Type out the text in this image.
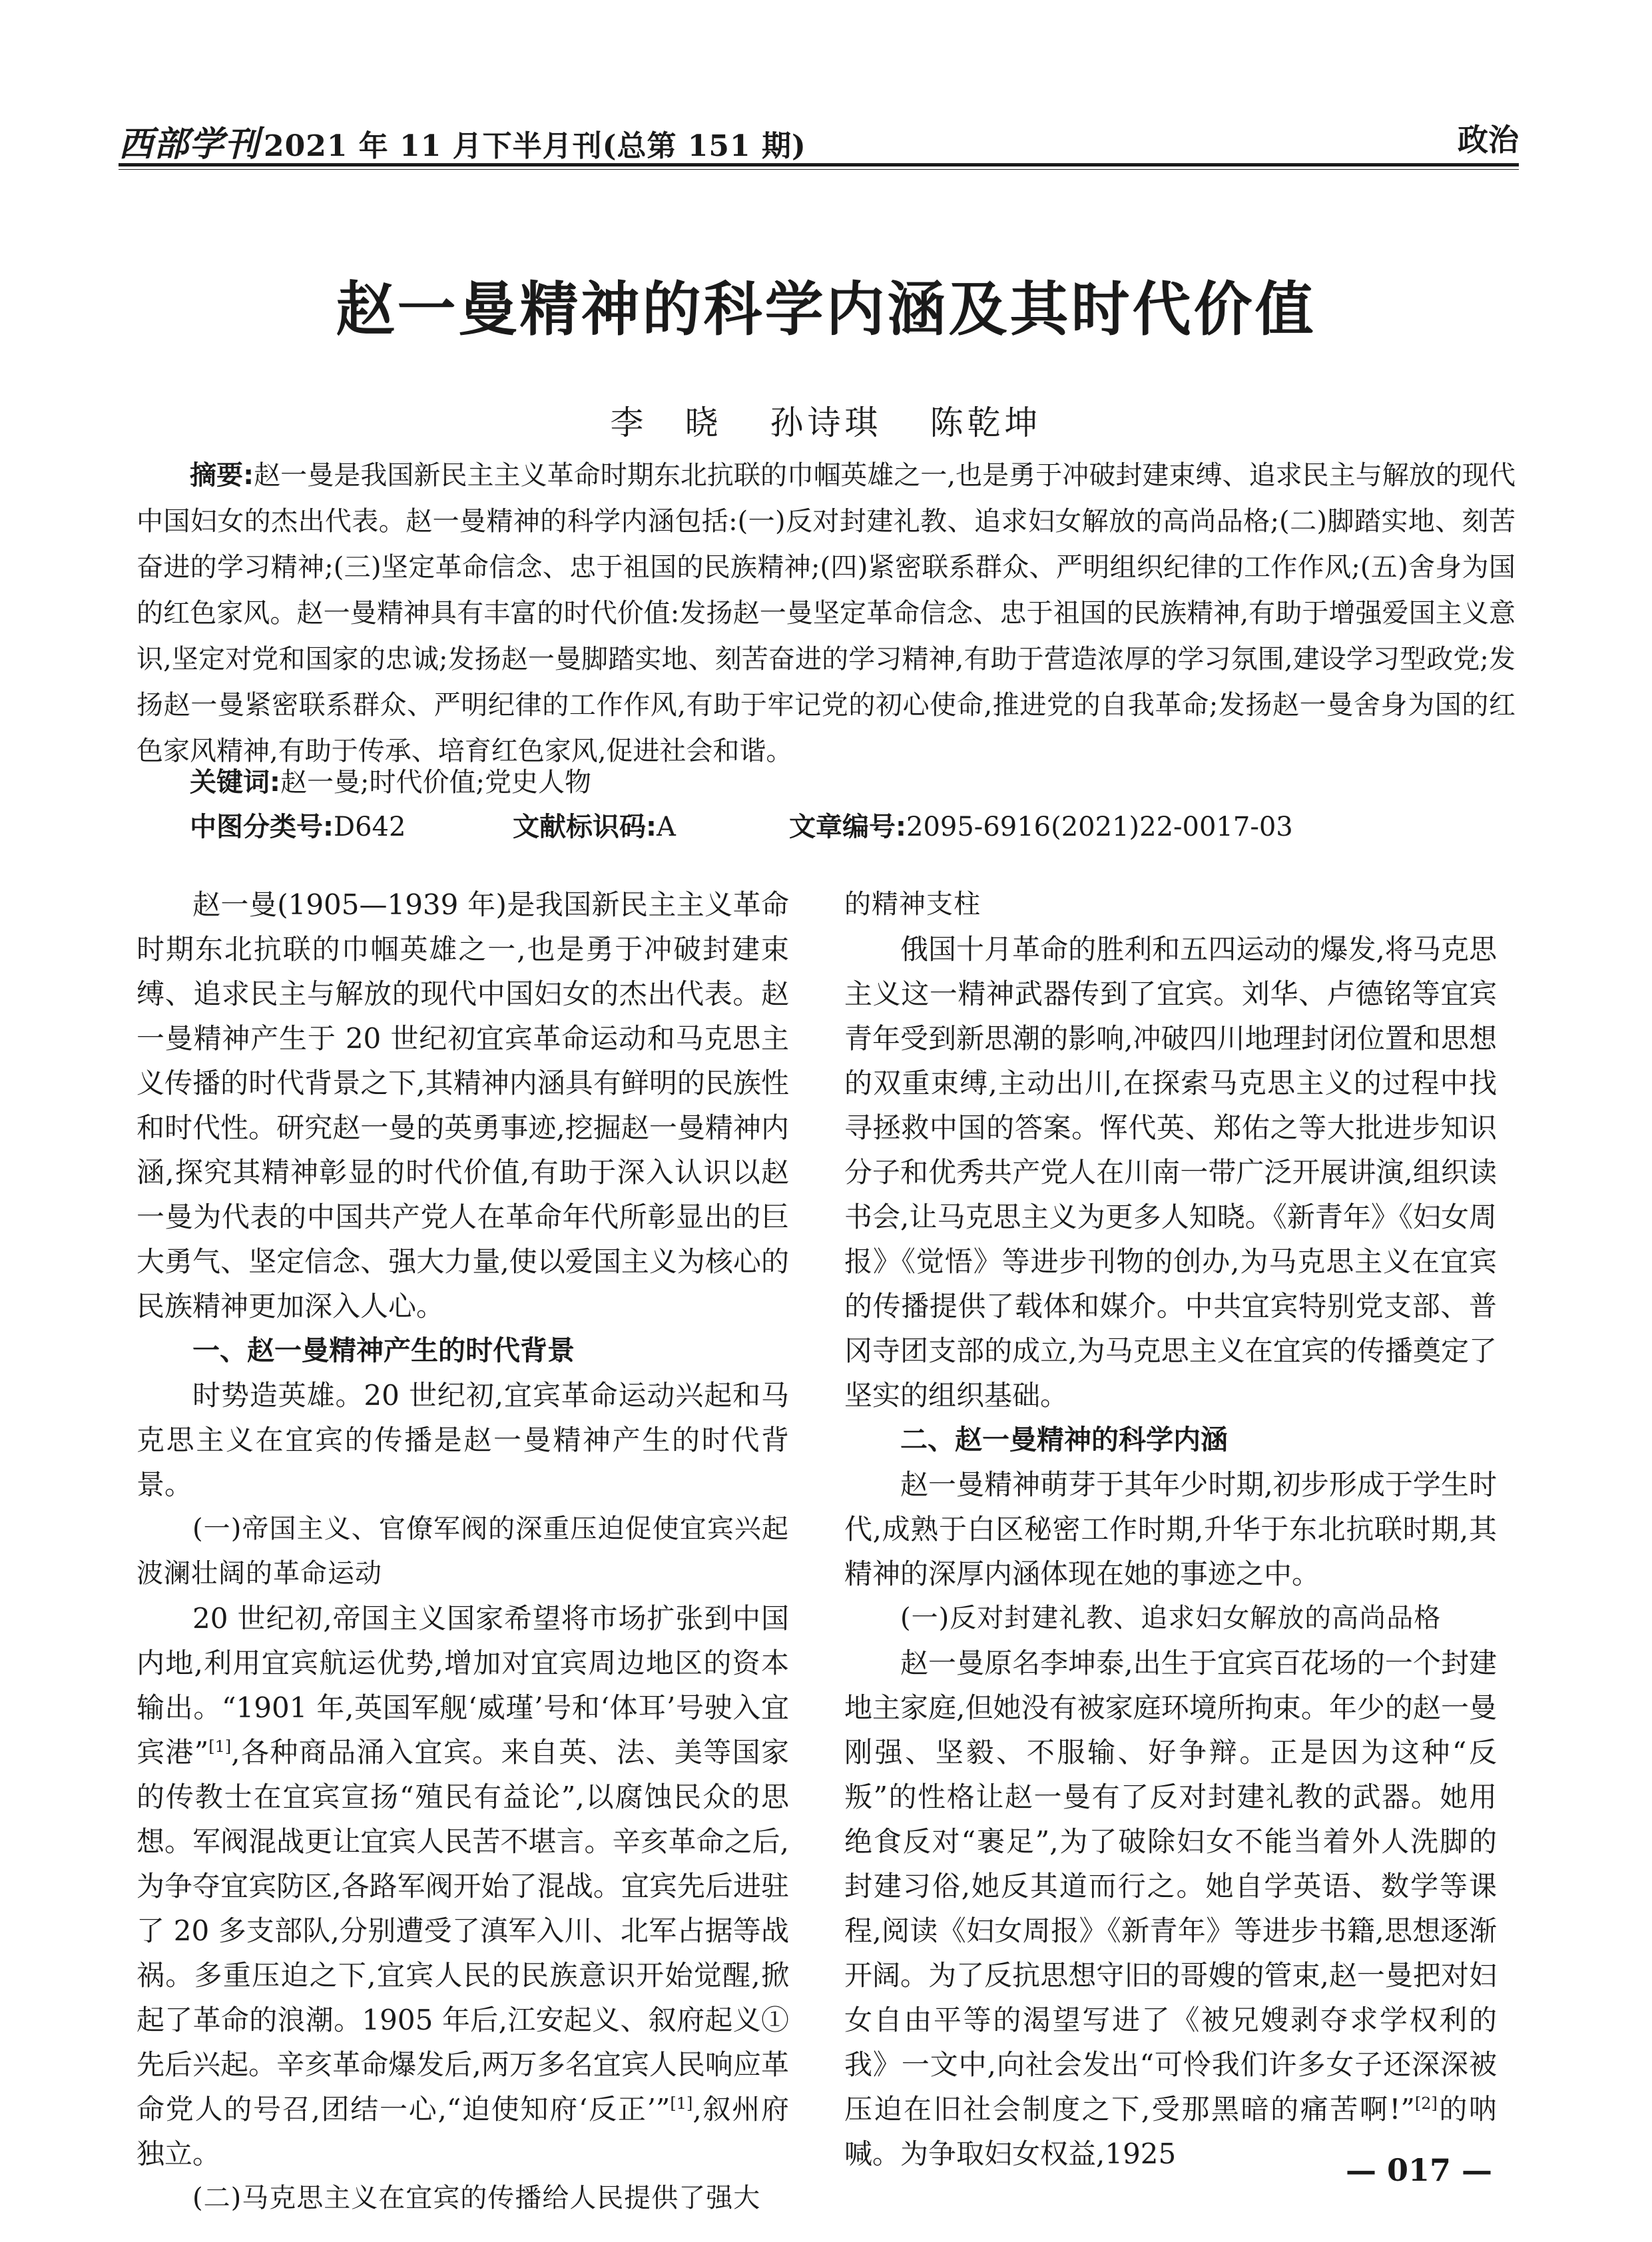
西部学刊 2021 年 11 月下半月刊(总第 151 期)	政治
赵一曼精神的科学内涵及其时代价值
李　晓 孙诗琪 陈乾坤

摘要:赵一曼是我国新民主主义革命时期东北抗联的巾帼英雄之一,也是勇于冲破封建束缚、追求民主与解放的现代中国妇女的杰出代表。赵一曼精神的科学内涵包括:(一)反对封建礼教、追求妇女解放的高尚品格;(二)脚踏实地、刻苦奋进的学习精神;(三)坚定革命信念、忠于祖国的民族精神;(四)紧密联系群众、严明组织纪律的工作作风;(五)舍身为国的红色家风。赵一曼精神具有丰富的时代价值:发扬赵一曼坚定革命信念、忠于祖国的民族精神,有助于增强爱国主义意识,坚定对党和国家的忠诚;发扬赵一曼脚踏实地、刻苦奋进的学习精神,有助于营造浓厚的学习氛围,建设学习型政党;发扬赵一曼紧密联系群众、严明纪律的工作作风,有助于牢记党的初心使命,推进党的自我革命;发扬赵一曼舍身为国的红色家风精神,有助于传承、培育红色家风,促进社会和谐。

关键词:赵一曼;时代价值;党史人物
中图分类号:D642	文献标识码:A	文章编号:2095-6916(2021)22-0017-03

赵一曼(1905—1939 年)是我国新民主主义革命时期东北抗联的巾帼英雄之一,也是勇于冲破封建束缚、追求民主与解放的现代中国妇女的杰出代表。赵一曼精神产生于 20 世纪初宜宾革命运动和马克思主义传播的时代背景之下,其精神内涵具有鲜明的民族性和时代性。研究赵一曼的英勇事迹,挖掘赵一曼精神内涵,探究其精神彰显的时代价值,有助于深入认识以赵一曼为代表的中国共产党人在革命年代所彰显出的巨大勇气、坚定信念、强大力量,使以爱国主义为核心的民族精神更加深入人心。

一、赵一曼精神产生的时代背景

时势造英雄。20 世纪初,宜宾革命运动兴起和马克思主义在宜宾的传播是赵一曼精神产生的时代背景。

(一)帝国主义、官僚军阀的深重压迫促使宜宾兴起波澜壮阔的革命运动

20 世纪初,帝国主义国家希望将市场扩张到中国内地,利用宜宾航运优势,增加对宜宾周边地区的资本输出。“1901 年,英国军舰‘威瑾’号和‘体耳’号驶入宜宾港”[1],各种商品涌入宜宾。来自英、法、美等国家的传教士在宜宾宣扬“殖民有益论”,以腐蚀民众的思想。军阀混战更让宜宾人民苦不堪言。辛亥革命之后,为争夺宜宾防区,各路军阀开始了混战。宜宾先后进驻了 20 多支部队,分别遭受了滇军入川、北军占据等战祸。多重压迫之下,宜宾人民的民族意识开始觉醒,掀起了革命的浪潮。1905 年后,江安起义、叙府起义①先后兴起。辛亥革命爆发后,两万多名宜宾人民响应革命党人的号召,团结一心,“迫使知府‘反正’”[1],叙州府独立。

(二)马克思主义在宜宾的传播给人民提供了强大

的精神支柱

俄国十月革命的胜利和五四运动的爆发,将马克思主义这一精神武器传到了宜宾。刘华、卢德铭等宜宾青年受到新思潮的影响,冲破四川地理封闭位置和思想的双重束缚,主动出川,在探索马克思主义的过程中找寻拯救中国的答案。恽代英、郑佑之等大批进步知识分子和优秀共产党人在川南一带广泛开展讲演,组织读书会,让马克思主义为更多人知晓。《新青年》《妇女周报》《觉悟》等进步刊物的创办,为马克思主义在宜宾的传播提供了载体和媒介。中共宜宾特别党支部、普冈寺团支部的成立,为马克思主义在宜宾的传播奠定了坚实的组织基础。

二、赵一曼精神的科学内涵

赵一曼精神萌芽于其年少时期,初步形成于学生时代,成熟于白区秘密工作时期,升华于东北抗联时期,其精神的深厚内涵体现在她的事迹之中。

(一)反对封建礼教、追求妇女解放的高尚品格

赵一曼原名李坤泰,出生于宜宾百花场的一个封建地主家庭,但她没有被家庭环境所拘束。年少的赵一曼刚强、坚毅、不服输、好争辩。正是因为这种“反叛”的性格让赵一曼有了反对封建礼教的武器。她用绝食反对“裹足”,为了破除妇女不能当着外人洗脚的封建习俗,她反其道而行之。她自学英语、数学等课程,阅读《妇女周报》《新青年》等进步书籍,思想逐渐开阔。为了反抗思想守旧的哥嫂的管束,赵一曼把对妇女自由平等的渴望写进了《被兄嫂剥夺求学权利的我》一文中,向社会发出“可怜我们许多女子还深深被压迫在旧社会制度之下,受那黑暗的痛苦啊!”[2]的呐喊。为争取妇女权益,1925	— 017 —
